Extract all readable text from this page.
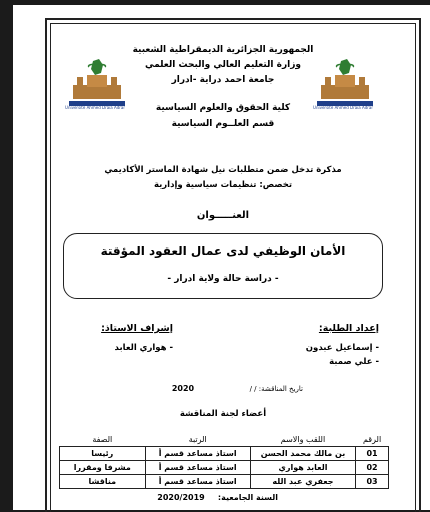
Université Ahmed Draïa Adrar	Université Ahmed Draïa Adrar
الجمهورية الجزائرية الديمقراطية الشعبية
وزارة التعليم العالي والبحث العلمي
جامعة احمد دراية -ادرار
كلية الحقوق والعلوم السياسية
قسم العلــوم السياسية
مذكرة تدخل ضمن متطلبات نيل شهادة الماستر الأكاديمي
تخصص: تنظيمات سياسية وإدارية
العنـــــوان
الأمان الوظيفي لدى عمال العقود المؤقتة
- دراسة حالة ولاية ادرار -
إعداد الطلبة:
- إسماعيل عبدون
- علي صمبة
إشراف الاستاذ:
- هواري العابد
تاريخ المناقشة: / /
2020
أعضاء لجنة المناقشة
الرقم	اللقب والاسم	الرتبة	الصفة
01	بن مالك محمد الحسن	استاذ مساعد قسم أ	رئيسا
02	العابد هواري	استاذ مساعد قسم أ	مشرفا ومقررا
03	جعفري عبد الله	استاذ مساعد قسم أ	مناقشا
السنة الجامعية:
2020/2019
